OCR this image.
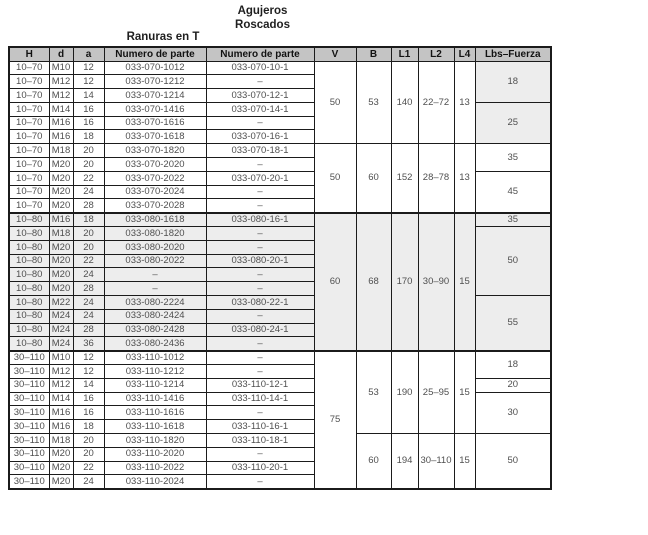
Agujeros
Roscados
Ranuras en T
H	d	a	Numero de parte	Numero de parte	V	B	L1	L2	L4	Lbs–Fuerza
10–70	M10	12	033-070-1012	033-070-10-1	50	53	140	22–72	13	18
10–70	M12	12	033-070-1212	–						
10–70	M12	14	033-070-1214	033-070-12-1						
10–70	M14	16	033-070-1416	033-070-14-1						25
10–70	M16	16	033-070-1616	–						
10–70	M16	18	033-070-1618	033-070-16-1						
10–70	M18	20	033-070-1820	033-070-18-1	50	60	152	28–78	13	35
10–70	M20	20	033-070-2020	–						
10–70	M20	22	033-070-2022	033-070-20-1						45
10–70	M20	24	033-070-2024	–						
10–70	M20	28	033-070-2028	–						
10–80	M16	18	033-080-1618	033-080-16-1	60	68	170	30–90	15	35
10–80	M18	20	033-080-1820	–						50
10–80	M20	20	033-080-2020	–						
10–80	M20	22	033-080-2022	033-080-20-1						
10–80	M20	24	–	–						
10–80	M20	28	–	–						
10–80	M22	24	033-080-2224	033-080-22-1						55
10–80	M24	24	033-080-2424	–						
10–80	M24	28	033-080-2428	033-080-24-1						
10–80	M24	36	033-080-2436	–						
30–110	M10	12	033-110-1012	–	75	53	190	25–95	15	18
30–110	M12	12	033-110-1212	–						
30–110	M12	14	033-110-1214	033-110-12-1						20
30–110	M14	16	033-110-1416	033-110-14-1						30
30–110	M16	16	033-110-1616	–						
30–110	M16	18	033-110-1618	033-110-16-1						
30–110	M18	20	033-110-1820	033-110-18-1		60	194	30–110	15	50
30–110	M20	20	033-110-2020	–						
30–110	M20	22	033-110-2022	033-110-20-1						
30–110	M20	24	033-110-2024	–						
